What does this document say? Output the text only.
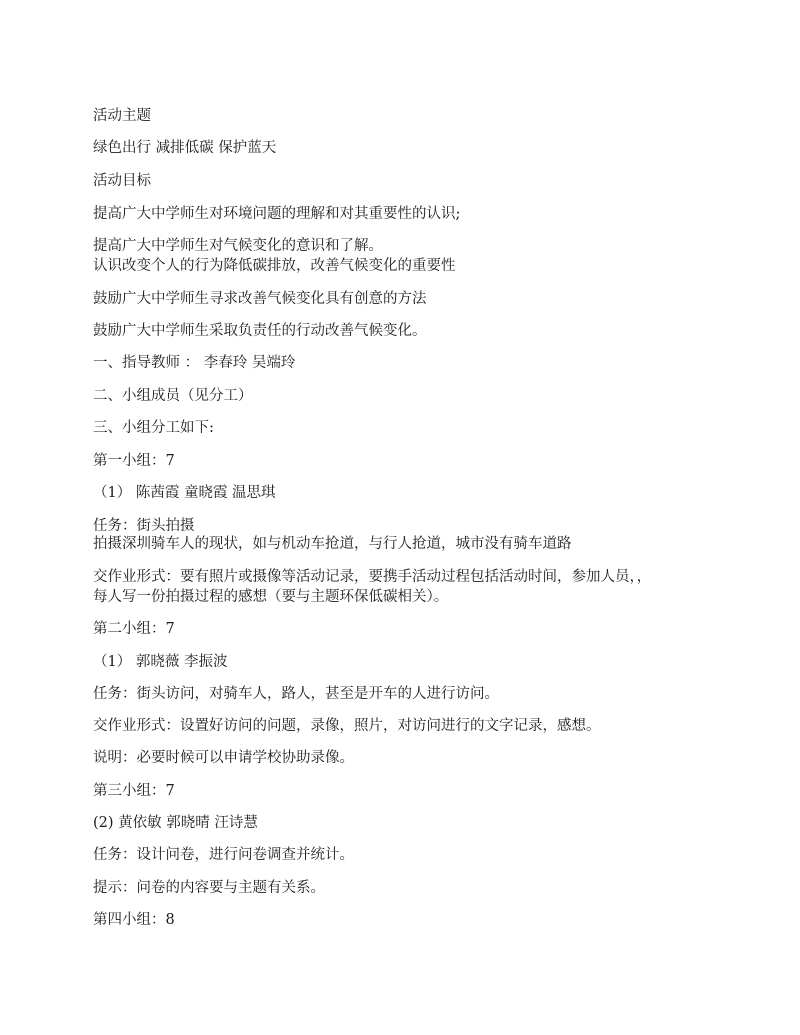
活动主题
绿色出行 减排低碳 保护蓝天
活动目标
提高广大中学师生对环境问题的理解和对其重要性的认识;
提高广大中学师生对气候变化的意识和了解。
认识改变个人的行为降低碳排放，改善气候变化的重要性
鼓励广大中学师生寻求改善气候变化具有创意的方法
鼓励广大中学师生采取负责任的行动改善气候变化。
一、指导教师 ： 李春玲 吴端玲
二、小组成员（见分工）
三、小组分工如下:
第一小组：7
（1） 陈茜霞 童晓霞 温思琪
任务：街头拍摄
拍摄深圳骑车人的现状，如与机动车抢道，与行人抢道，城市没有骑车道路
交作业形式：要有照片或摄像等活动记录，要携手活动过程包括活动时间，参加人员，，
每人写一份拍摄过程的感想（要与主题环保低碳相关）。
第二小组：7
（1） 郭晓薇 李振波
任务：街头访问，对骑车人，路人，甚至是开车的人进行访问。
交作业形式：设置好访问的问题，录像，照片，对访问进行的文字记录，感想。
说明：必要时候可以申请学校协助录像。
第三小组：7
(2) 黄依敏 郭晓晴 汪诗慧
任务：设计问卷，进行问卷调查并统计。
提示：问卷的内容要与主题有关系。
第四小组：8
